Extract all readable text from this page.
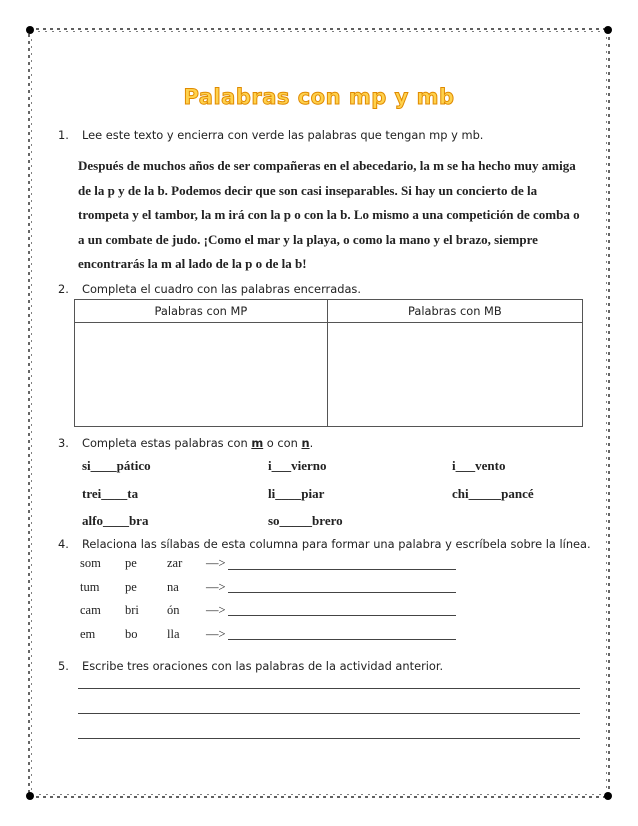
Palabras con mp y mb
1. Lee este texto y encierra con verde las palabras que tengan mp y mb.
Después de muchos años de ser compañeras en el abecedario, la m se ha hecho muy amiga
de la p y de la b. Podemos decir que son casi inseparables. Si hay un concierto de la
trompeta y el tambor, la m irá con la p o con la b. Lo mismo a una competición de comba o
a un combate de judo. ¡Como el mar y la playa, o como la mano y el brazo, siempre
encontrarás la m al lado de la p o de la b!
2. Completa el cuadro con las palabras encerradas.
Palabras con MP	Palabras con MB

3. Completa estas palabras con m o con n.
si____pático	i___vierno	i___vento
trei____ta	li____piar	chi_____pancé
alfo____bra	so_____brero
4. Relaciona las sílabas de esta columna para formar una palabra y escríbela sobre la línea.
som pe zar —>
tum pe na —>
cam bri ón —>
em bo lla —>
5. Escribe tres oraciones con las palabras de la actividad anterior.
